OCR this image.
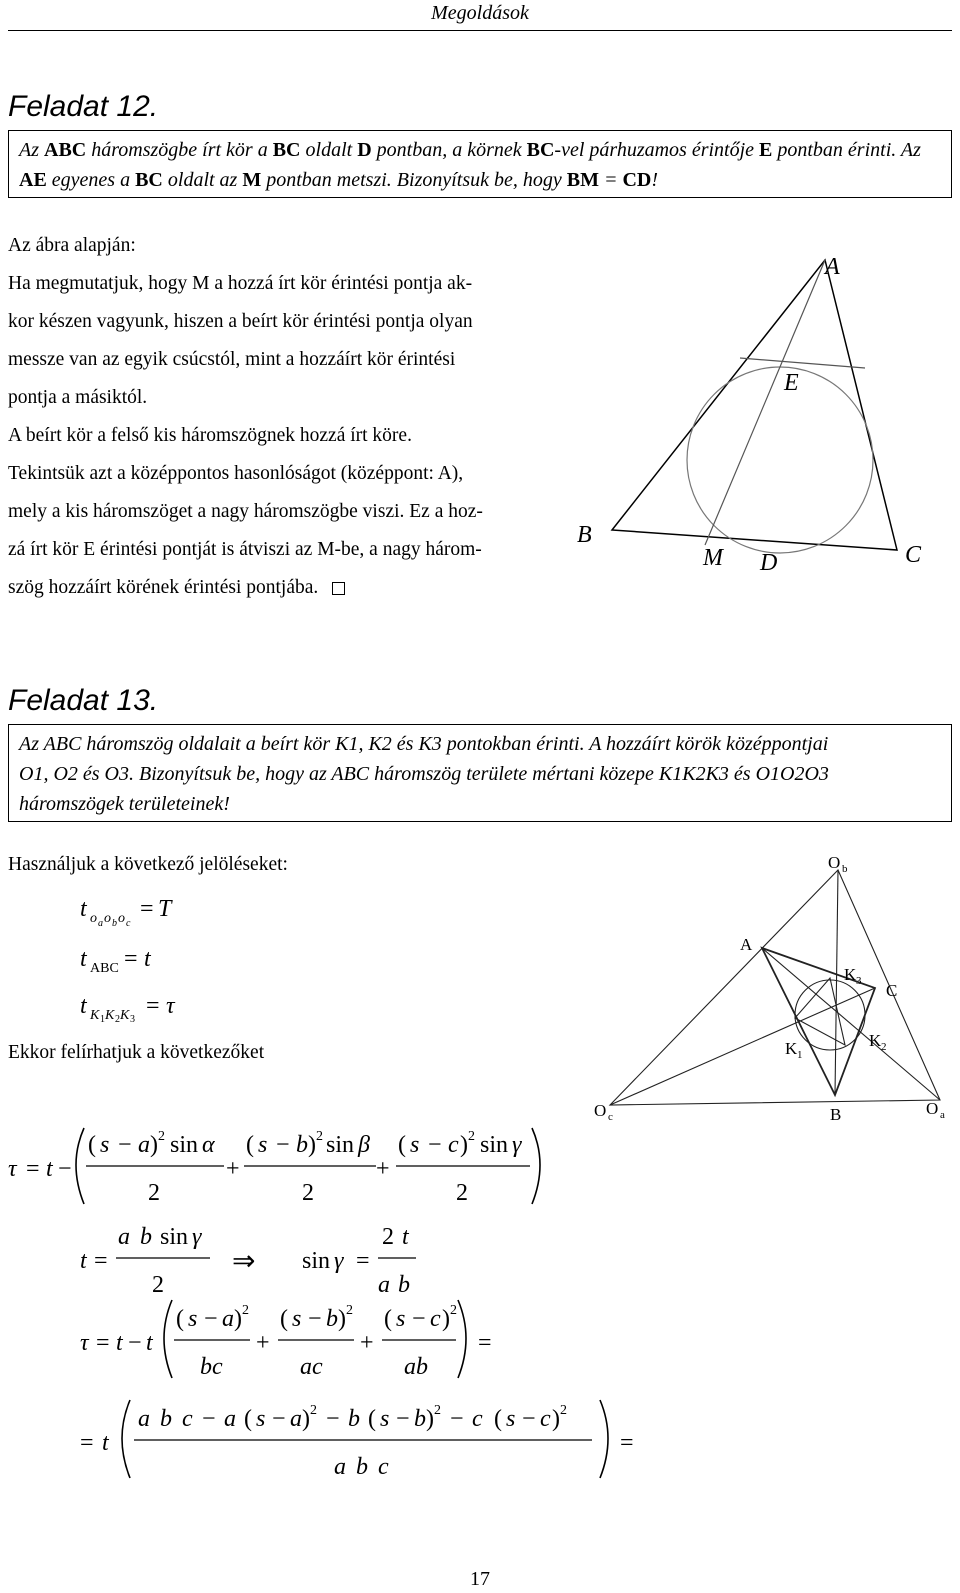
Megoldások
Feladat 12.
Az ABC háromszögbe írt kör a BC oldalt D pontban, a körnek BC-vel párhuzamos érintője E pontban érinti. Az AE egyenes a BC oldalt az M pontban metszi. Bizonyítsuk be, hogy BM = CD!
Az ábra alapján:
Ha megmutatjuk, hogy M a hozzá írt kör érintési pontja ak-
kor készen vagyunk, hiszen a beírt kör érintési pontja olyan
messze van az egyik csúcstól, mint a hozzáírt kör érintési
pontja a másiktól.
A beírt kör a felső kis háromszögnek hozzá írt köre.
Tekintsük azt a középpontos hasonlóságot (középpont: A),
mely a kis háromszöget a nagy háromszögbe viszi. Ez a hoz-
zá írt kör E érintési pontját is átviszi az M-be, a nagy három-
szög hozzáírt körének érintési pontjába.
A
E
B
C
M D
Feladat 13.
Az ABC háromszög oldalait a beírt kör K1, K2 és K3 pontokban érinti. A hozzáírt körök középpontjai
O1, O2 és O3. Bizonyítsuk be, hogy az ABC háromszög területe mértani közepe K1K2K3 és O1O2O3
háromszögek területeinek!
Használjuk a következő jelöléseket:
t o a o b o c
= T
t ABC = t
t K 1 K 2 K 3
= τ
Ekkor felírhatjuk a következőket
O b
A
K 3 C
K 1
K 2
B
O c	O a
τ = t −
( s − a ) 2 sin α
2
+
( s − b ) 2 sin β
2
+
( s − c ) 2 sin γ
2
t =
a b sin γ
2
⇒ sin γ =
2 t
a b
τ = t − t
( s − a ) 2
bc
+
( s − b ) 2
ac
+
( s − c ) 2
ab
=
= t
a b c − a ( s − a ) 2 − b ( s − b ) 2 − c ( s − c ) 2
a b c
=
17
